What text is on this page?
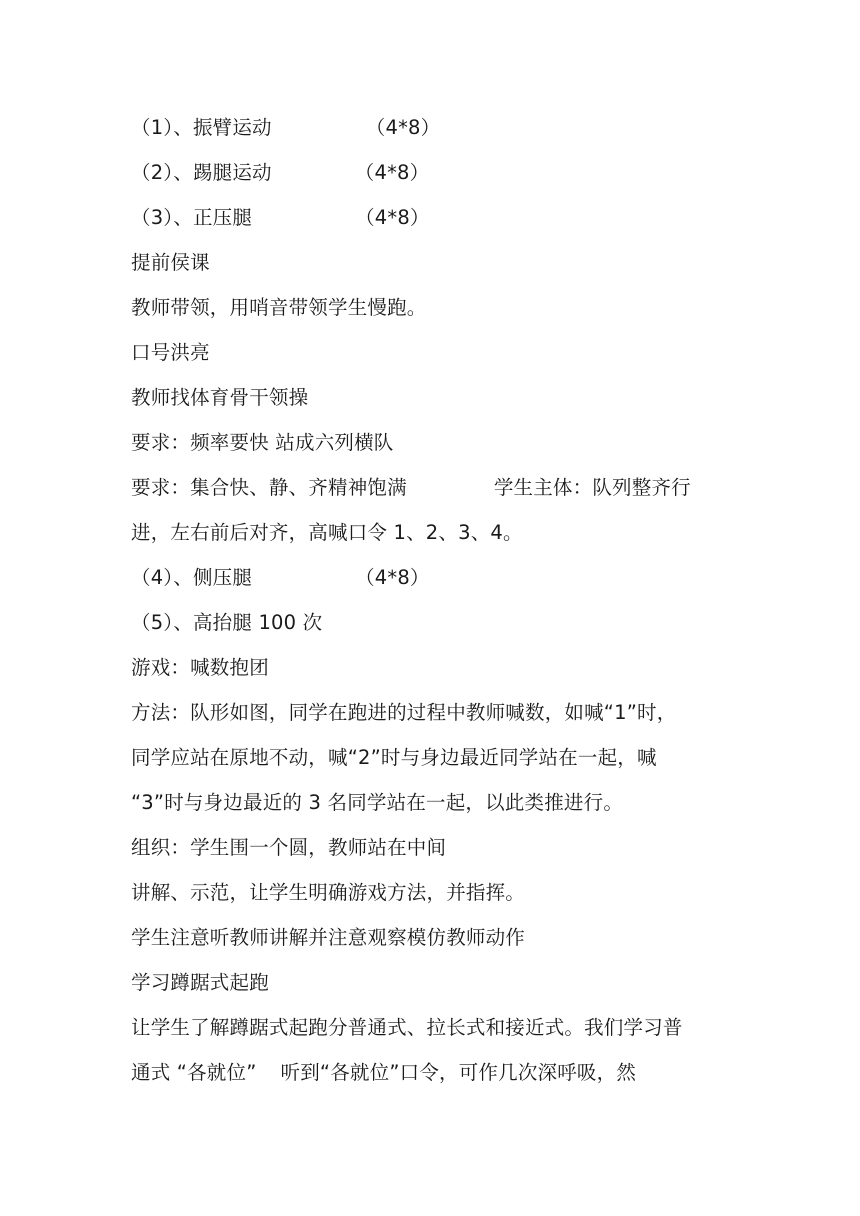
（1）、振臂运动	（4*8）
（2）、踢腿运动	（4*8）
（3）、正压腿	（4*8）
提前侯课
教师带领，用哨音带领学生慢跑。
口号洪亮
教师找体育骨干领操
要求：频率要快 站成六列横队
要求：集合快、静、齐精神饱满	学生主体：队列整齐行
进，左右前后对齐，高喊口令 1、2、3、4。
（4）、侧压腿	（4*8）
（5）、高抬腿 100 次
游戏：喊数抱团
方法：队形如图，同学在跑进的过程中教师喊数，如喊“1”时，
同学应站在原地不动，喊“2”时与身边最近同学站在一起，喊
“3”时与身边最近的 3 名同学站在一起，以此类推进行。
组织：学生围一个圆，教师站在中间
讲解、示范，让学生明确游戏方法，并指挥。
学生注意听教师讲解并注意观察模仿教师动作
学习蹲踞式起跑
让学生了解蹲踞式起跑分普通式、拉长式和接近式。我们学习普
通式 “各就位” 听到“各就位”口令，可作几次深呼吸，然
